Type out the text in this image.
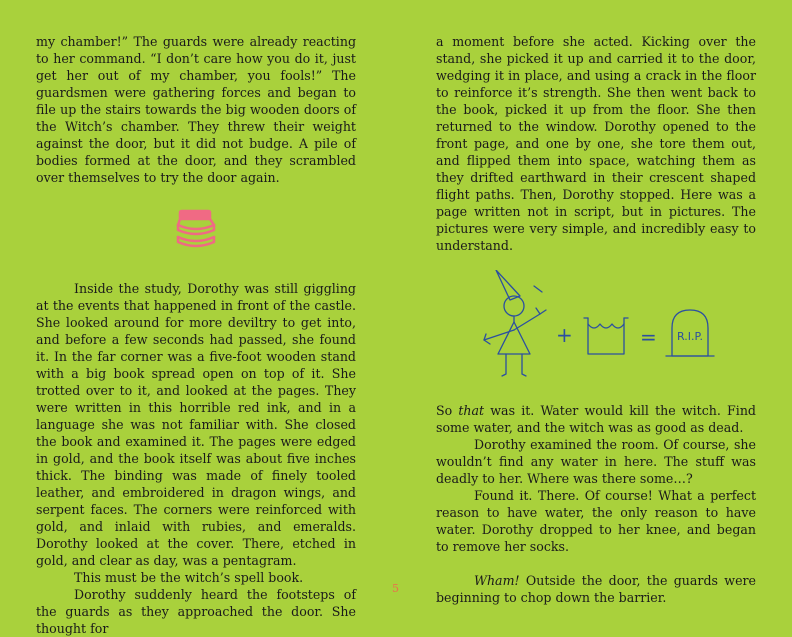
my chamber!” The guards were already reacting to her command. “I don’t care how you do it, just get her out of my chamber, you fools!” The guardsmen were gathering forces and began to file up the stairs towards the big wooden doors of the Witch’s chamber. They threw their weight against the door, but it did not budge. A pile of bodies formed at the door, and they scrambled over themselves to try the door again.

Inside the study, Dorothy was still giggling at the events that happened in front of the castle. She looked around for more deviltry to get into, and before a few seconds had passed, she found it. In the far corner was a five-foot wooden stand with a big book spread open on top of it. She trotted over to it, and looked at the pages. They were written in this horrible red ink, and in a language she was not familiar with. She closed the book and examined it. The pages were edged in gold, and the book itself was about five inches thick. The binding was made of finely tooled leather, and embroidered in dragon wings, and serpent faces. The corners were reinforced with gold, and inlaid with rubies, and emeralds. Dorothy looked at the cover. There, etched in gold, and clear as day, was a pentagram.

This must be the witch’s spell book.

Dorothy suddenly heard the footsteps of the guards as they approached the door. She thought for

a moment before she acted. Kicking over the stand, she picked it up and carried it to the door, wedging it in place, and using a crack in the floor to reinforce it’s strength. She then went back to the book, picked it up from the floor. She then returned to the window. Dorothy opened to the front page, and one by one, she tore them out, and flipped them into space, watching them as they drifted earthward in their crescent shaped flight paths. Then, Dorothy stopped. Here was a page written not in script, but in pictures. The pictures were very simple, and incredibly easy to understand.

+	= R.I.P.

So that was it. Water would kill the witch. Find some water, and the witch was as good as dead.

Dorothy examined the room. Of course, she wouldn’t find any water in here. The stuff was deadly to her. Where was there some…?

Found it. There. Of course! What a perfect reason to have water, the only reason to have water. Dorothy dropped to her knee, and began to remove her socks.

Wham! Outside the door, the guards were beginning to chop down the barrier.

5
